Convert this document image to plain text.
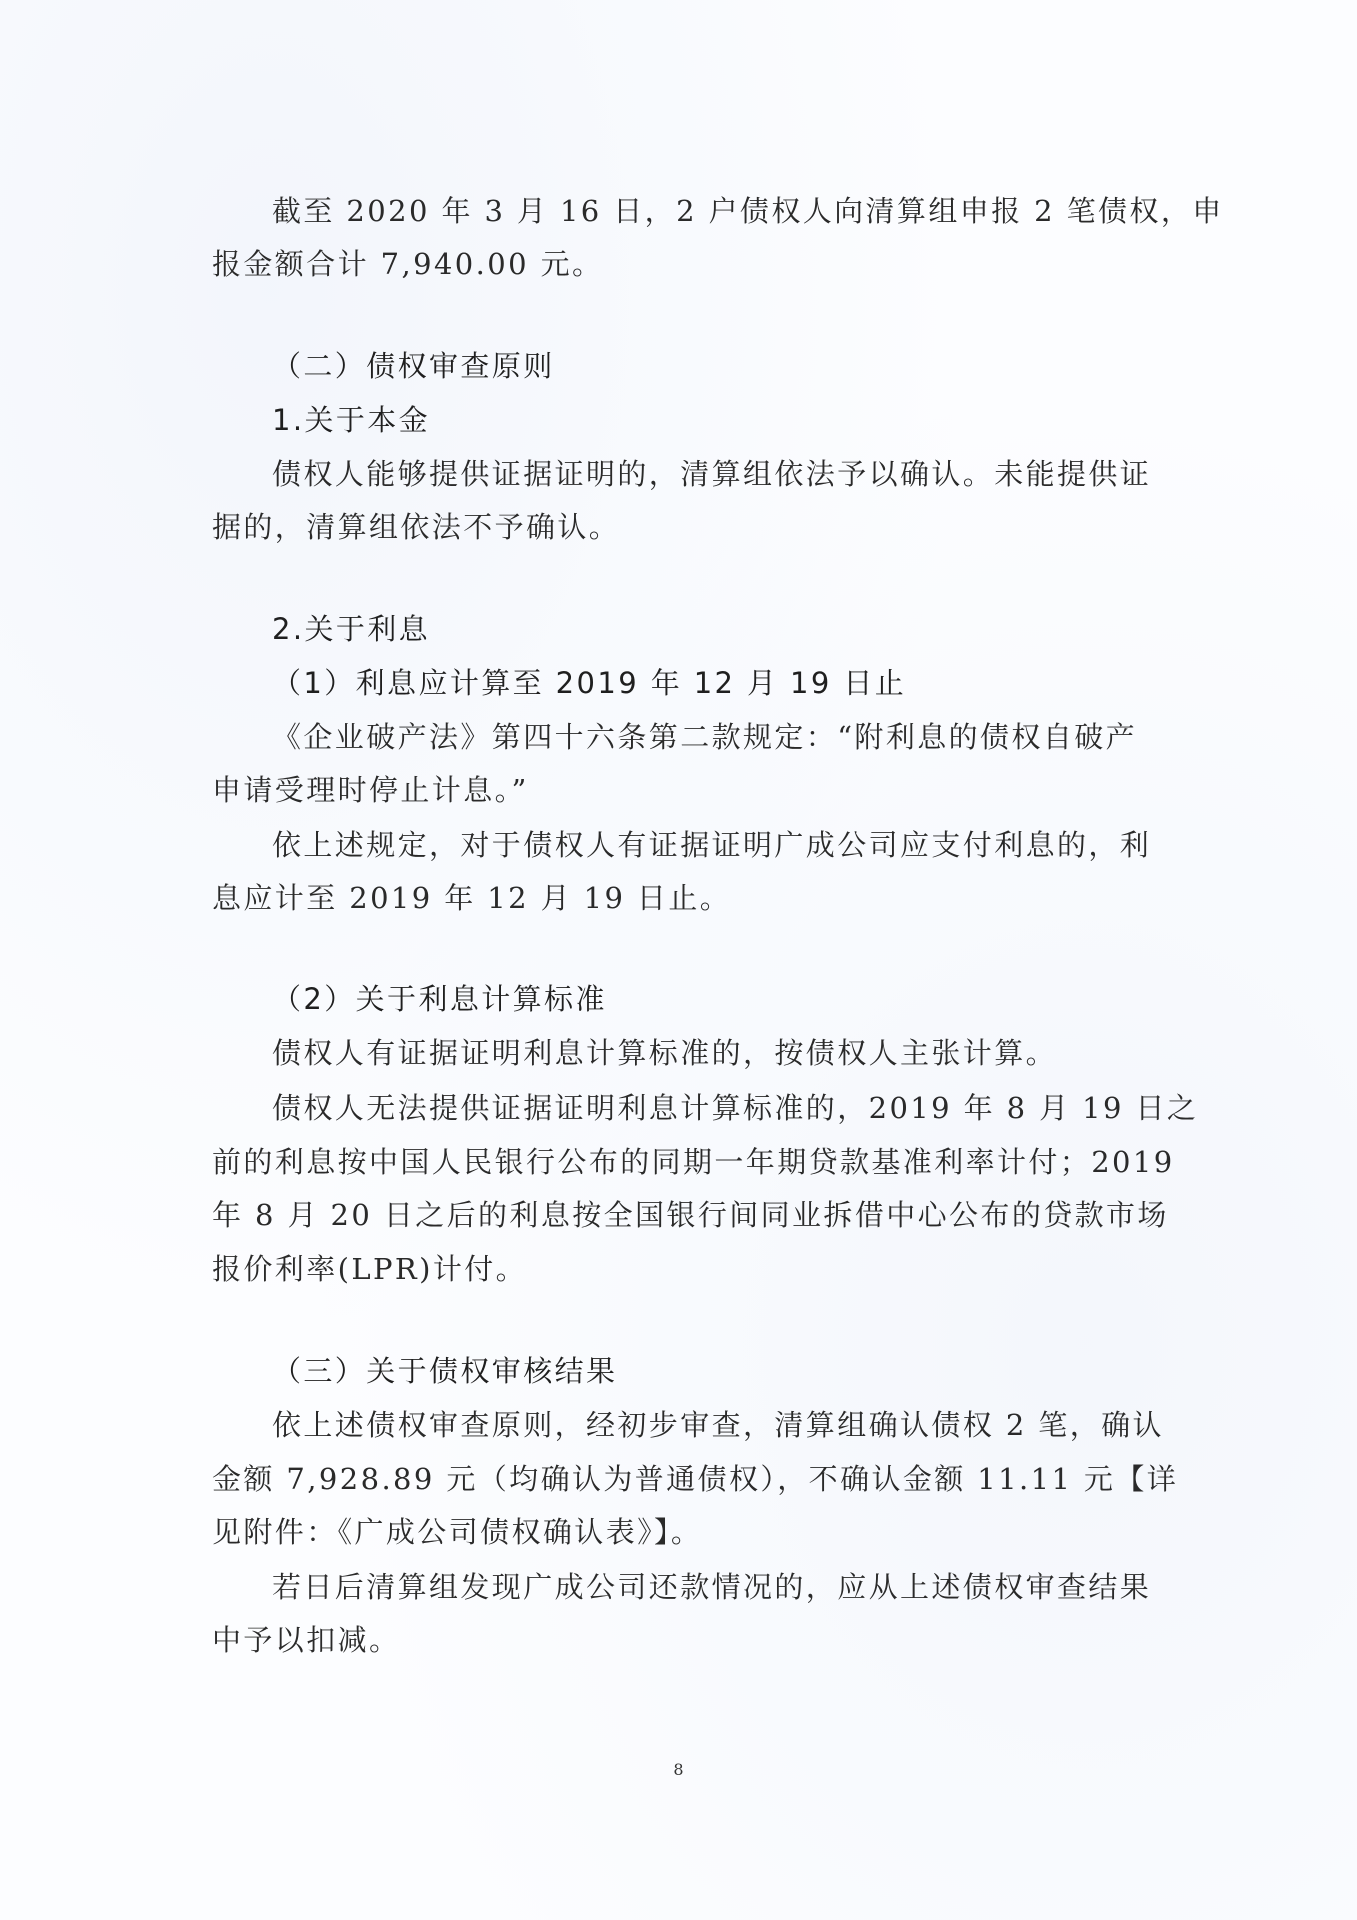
截至 2020 年 3 月 16 日，2 户债权人向清算组申报 2 笔债权，申
报金额合计 7,940.00 元。
（二）债权审查原则
1.关于本金
债权人能够提供证据证明的，清算组依法予以确认。未能提供证
据的，清算组依法不予确认。
2.关于利息
（1）利息应计算至 2019 年 12 月 19 日止
《企业破产法》第四十六条第二款规定：“附利息的债权自破产
申请受理时停止计息。”
依上述规定，对于债权人有证据证明广成公司应支付利息的，利
息应计至 2019 年 12 月 19 日止。
（2）关于利息计算标准
债权人有证据证明利息计算标准的，按债权人主张计算。
债权人无法提供证据证明利息计算标准的，2019 年 8 月 19 日之
前的利息按中国人民银行公布的同期一年期贷款基准利率计付；2019
年 8 月 20 日之后的利息按全国银行间同业拆借中心公布的贷款市场
报价利率(LPR)计付。
（三）关于债权审核结果
依上述债权审查原则，经初步审查，清算组确认债权 2 笔，确认
金额 7,928.89 元（均确认为普通债权），不确认金额 11.11 元【详
见附件：《广成公司债权确认表》】。
若日后清算组发现广成公司还款情况的，应从上述债权审查结果
中予以扣减。
8
